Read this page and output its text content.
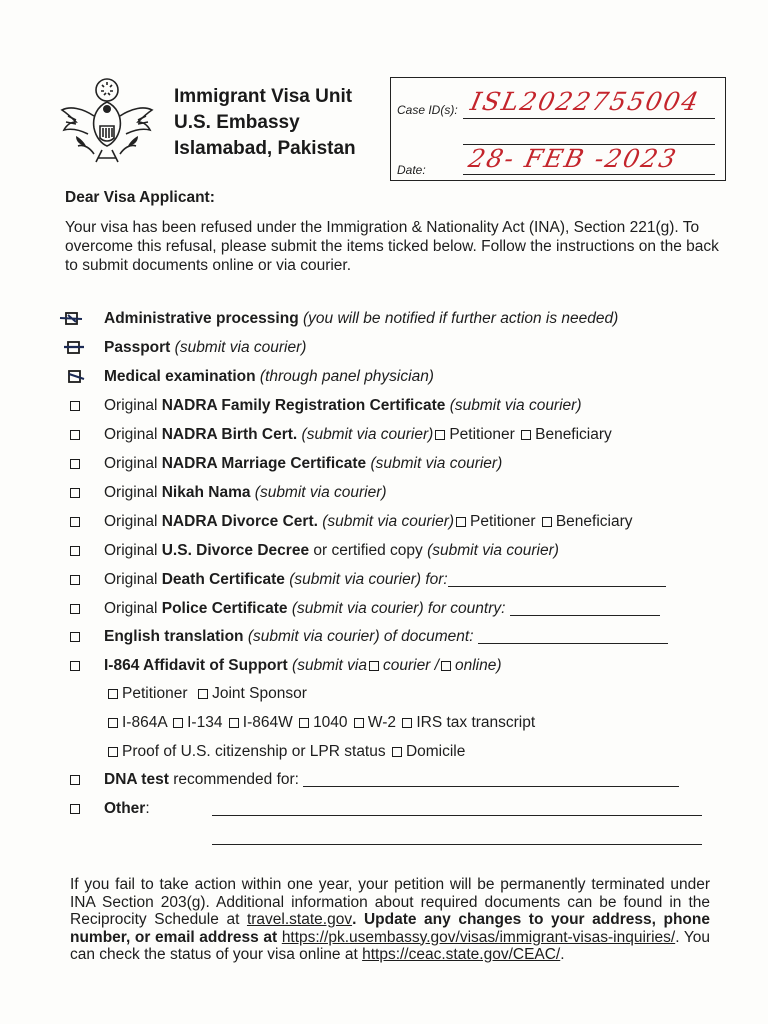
Immigrant Visa Unit
U.S. Embassy
Islamabad, Pakistan
Case ID(s): ISL2022755004
Date: 28- FEB -2023
Dear Visa Applicant:
Your visa has been refused under the Immigration & Nationality Act (INA), Section 221(g). To overcome this refusal, please submit the items ticked below. Follow the instructions on the back to submit documents online or via courier.
Administrative processing (you will be notified if further action is needed)
Passport (submit via courier)
Medical examination (through panel physician)
Original NADRA Family Registration Certificate (submit via courier)
Original NADRA Birth Cert. (submit via courier) Petitioner Beneficiary
Original NADRA Marriage Certificate (submit via courier)
Original Nikah Nama (submit via courier)
Original NADRA Divorce Cert. (submit via courier) Petitioner Beneficiary
Original U.S. Divorce Decree or certified copy (submit via courier)
Original Death Certificate (submit via courier) for:
Original Police Certificate (submit via courier) for country:
English translation (submit via courier) of document:
I-864 Affidavit of Support (submit via courier / online)
Petitioner Joint Sponsor
I-864A I-134 I-864W 1040 W-2 IRS tax transcript
Proof of U.S. citizenship or LPR status Domicile
DNA test recommended for:
Other:
If you fail to take action within one year, your petition will be permanently terminated under INA Section 203(g). Additional information about required documents can be found in the Reciprocity Schedule at travel.state.gov. Update any changes to your address, phone number, or email address at https://pk.usembassy.gov/visas/immigrant-visas-inquiries/. You can check the status of your visa online at https://ceac.state.gov/CEAC/.
